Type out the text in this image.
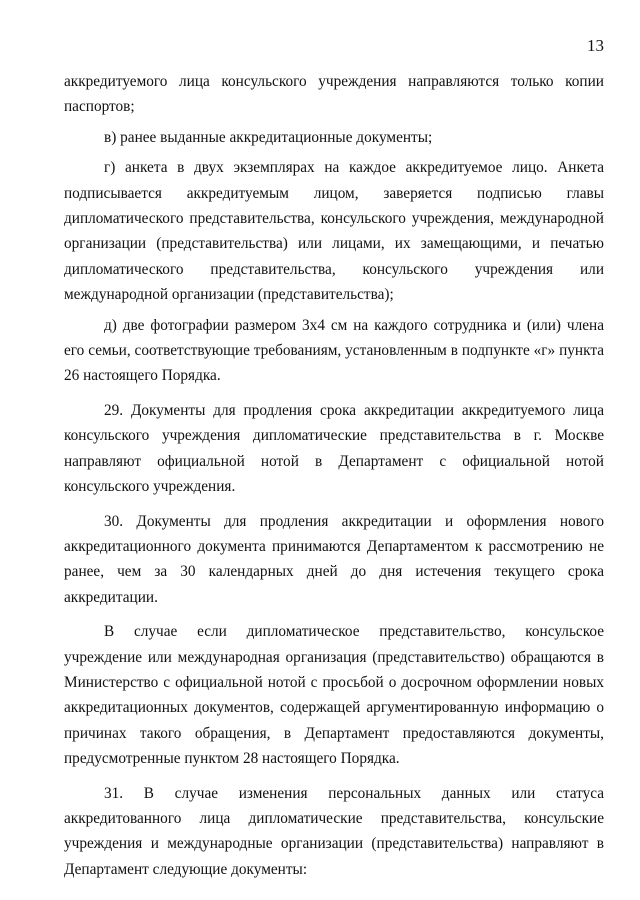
13

аккредитуемого лица консульского учреждения направляются только копии паспортов;

в) ранее выданные аккредитационные документы;

г) анкета в двух экземплярах на каждое аккредитуемое лицо. Анкета подписывается аккредитуемым лицом, заверяется подписью главы дипломатического представительства, консульского учреждения, международной организации (представительства) или лицами, их замещающими, и печатью дипломатического представительства, консульского учреждения или международной организации (представительства);

д) две фотографии размером 3х4 см на каждого сотрудника и (или) члена его семьи, соответствующие требованиям, установленным в подпункте «г» пункта 26 настоящего Порядка.

29. Документы для продления срока аккредитации аккредитуемого лица консульского учреждения дипломатические представительства в г. Москве направляют официальной нотой в Департамент с официальной нотой консульского учреждения.

30. Документы для продления аккредитации и оформления нового аккредитационного документа принимаются Департаментом к рассмотрению не ранее, чем за 30 календарных дней до дня истечения текущего срока аккредитации.

В случае если дипломатическое представительство, консульское учреждение или международная организация (представительство) обращаются в Министерство с официальной нотой с просьбой о досрочном оформлении новых аккредитационных документов, содержащей аргументированную информацию о причинах такого обращения, в Департамент предоставляются документы, предусмотренные пунктом 28 настоящего Порядка.

31. В случае изменения персональных данных или статуса аккредитованного лица дипломатические представительства, консульские учреждения и международные организации (представительства) направляют в Департамент следующие документы:
